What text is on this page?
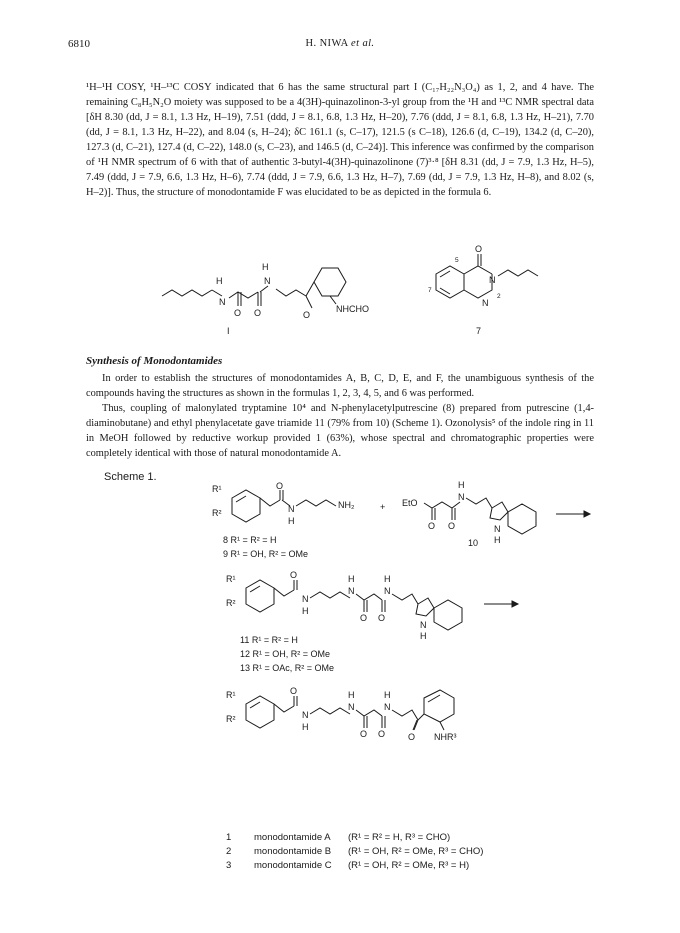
6810	H. NIWA et al.

¹H–¹H COSY, ¹H–¹³C COSY indicated that 6 has the same structural part I (C₁₇H₂₂N₃O₄) as 1, 2, and 4 have. The remaining C₈H₅N₂O moiety was supposed to be a 4(3H)-quinazolinon-3-yl group from the ¹H and ¹³C NMR spectral data [δH 8.30 (dd, J = 8.1, 1.3 Hz, H–19), 7.51 (ddd, J = 8.1, 6.8, 1.3 Hz, H–20), 7.76 (ddd, J = 8.1, 6.8, 1.3 Hz, H–21), 7.70 (dd, J = 8.1, 1.3 Hz, H–22), and 8.04 (s, H–24); δC 161.1 (s, C–17), 121.5 (s C–18), 126.6 (d, C–19), 134.2 (d, C–20), 127.3 (d, C–21), 127.4 (d, C–22), 148.0 (s, C–23), and 146.5 (d, C–24)]. This inference was confirmed by the comparison of ¹H NMR spectrum of 6 with that of authentic 3-butyl-4(3H)-quinazolinone (7)³·⁸ [δH 8.31 (dd, J = 7.9, 1.3 Hz, H–5), 7.49 (ddd, J = 7.9, 6.6, 1.3 Hz, H–6), 7.74 (ddd, J = 7.9, 6.6, 1.3 Hz, H–7), 7.69 (dd, J = 7.9, 1.3 Hz, H–8), and 8.02 (s, H–2)]. Thus, the structure of monodontamide F was elucidated to be as depicted in the formula 6.

N
H
O O
N
H
O
NHCHO
I
O
N
N
5
7
2
7
Synthesis of Monodontamides

In order to establish the structures of monodontamides A, B, C, D, E, and F, the unambiguous synthesis of the compounds having the structures as shown in the formulas 1, 2, 3, 4, 5, and 6 was performed.

Thus, coupling of malonylated tryptamine 10⁴ and N-phenylacetylputrescine (8) prepared from putrescine (1,4-diaminobutane) and ethyl phenylacetate gave triamide 11 (79% from 10) (Scheme 1). Ozonolysis⁵ of the indole ring in 11 in MeOH followed by reductive workup provided 1 (63%), whose spectral and chromatographic properties were completely identical with those of natural monodontamide A.

Scheme 1.
R¹
R²
O
N
H
NH₂
8 R¹ = R² = H
9 R¹ = OH, R² = OMe
+ EtO
O O
N
H
N
H
10
R¹
R²
O
N
H
N
H
O O
N
H
N
H
11 R¹ = R² = H
12 R¹ = OH, R² = OMe
13 R¹ = OAc, R² = OMe
R¹
R²
O
N
H
N
H
O O
N
H
O NHR³
1 monodontamide A (R¹ = R² = H, R³ = CHO)
2 monodontamide B (R¹ = OH, R² = OMe, R³ = CHO)
3 monodontamide C (R¹ = OH, R² = OMe, R³ = H)
